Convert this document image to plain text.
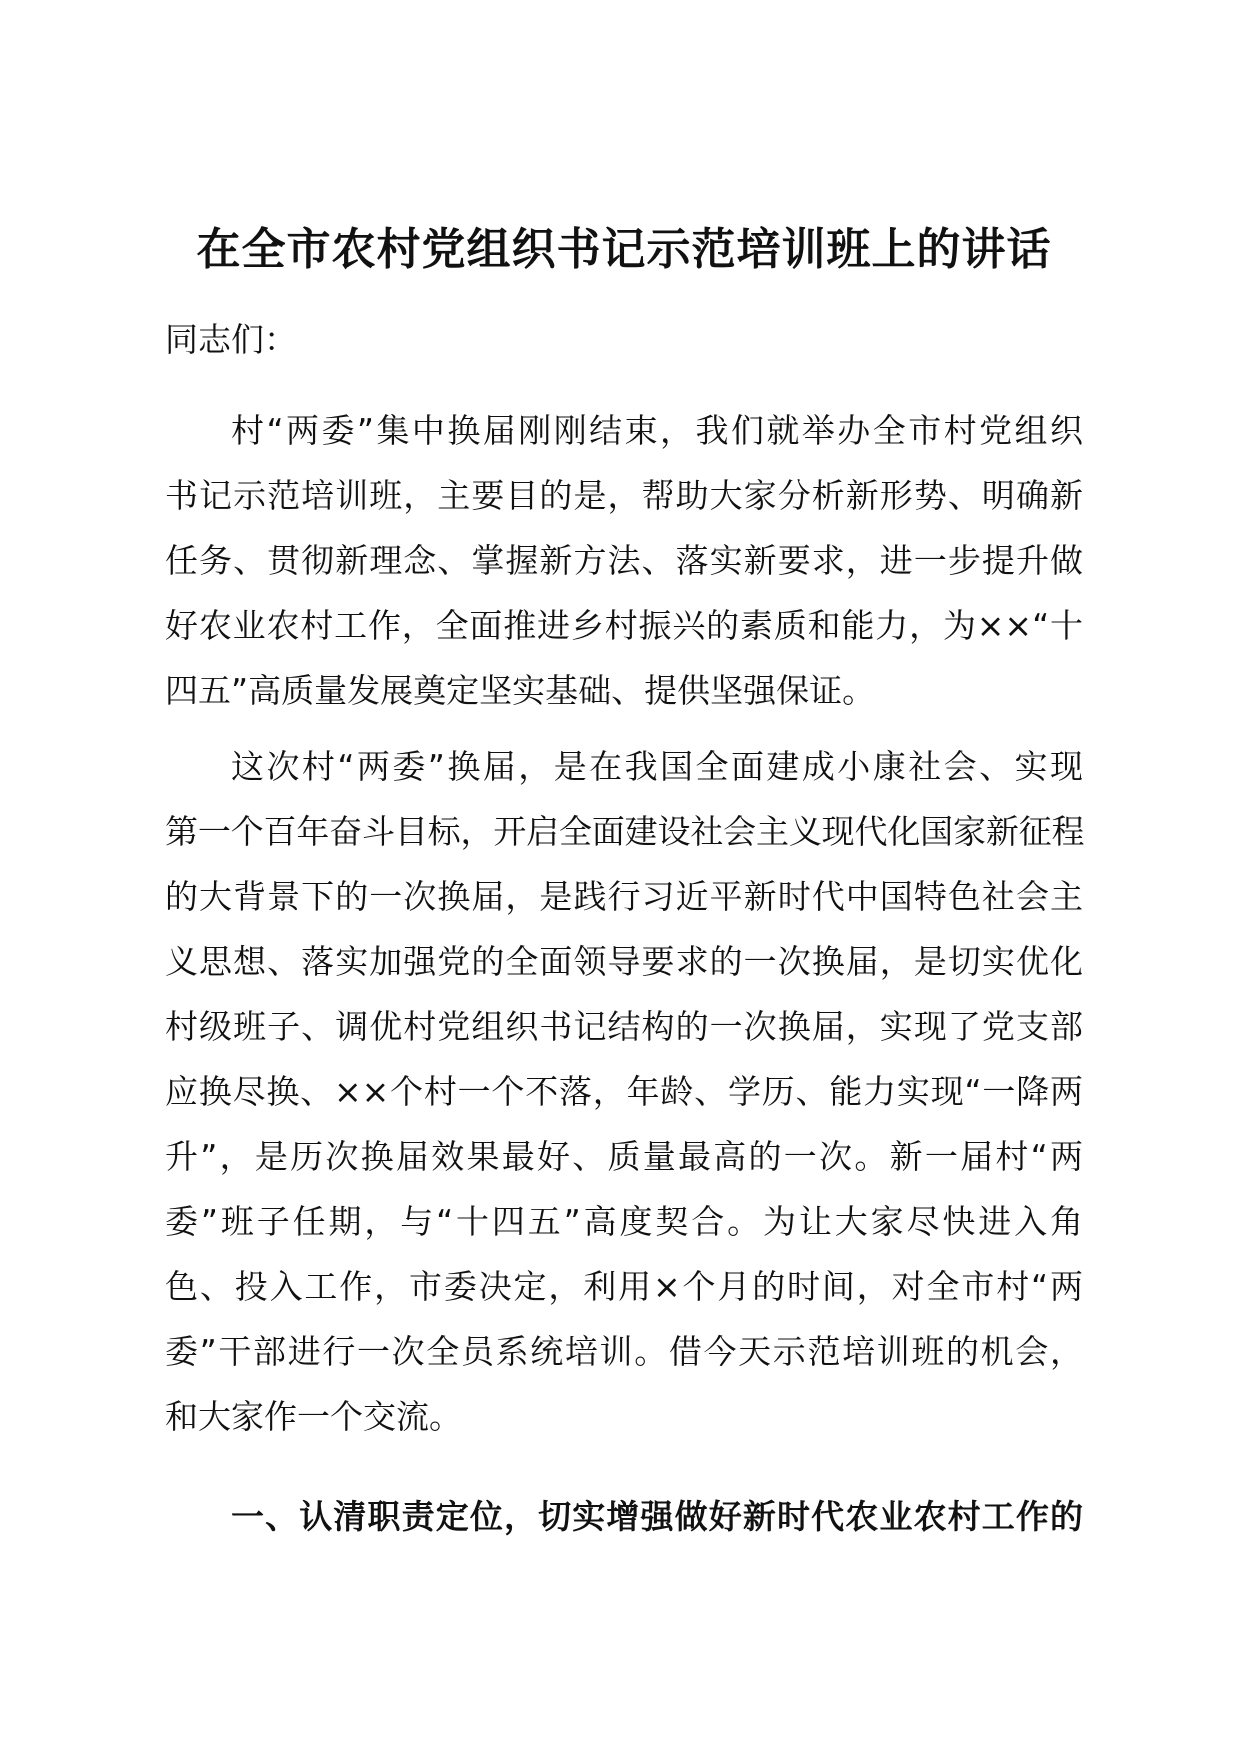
在全市农村党组织书记示范培训班上的讲话
同志们：
村“两委”集中换届刚刚结束，我们就举办全市村党组织
书记示范培训班，主要目的是，帮助大家分析新形势、明确新
任务、贯彻新理念、掌握新方法、落实新要求，进一步提升做
好农业农村工作，全面推进乡村振兴的素质和能力，为××“十
四五”高质量发展奠定坚实基础、提供坚强保证。
这次村“两委”换届，是在我国全面建成小康社会、实现
第一个百年奋斗目标，开启全面建设社会主义现代化国家新征程
的大背景下的一次换届，是践行习近平新时代中国特色社会主
义思想、落实加强党的全面领导要求的一次换届，是切实优化
村级班子、调优村党组织书记结构的一次换届，实现了党支部
应换尽换、××个村一个不落，年龄、学历、能力实现“一降两
升”，是历次换届效果最好、质量最高的一次。新一届村“两
委”班子任期，与“十四五”高度契合。为让大家尽快进入角
色、投入工作，市委决定，利用×个月的时间，对全市村“两
委”干部进行一次全员系统培训。借今天示范培训班的机会，
和大家作一个交流。
一、认清职责定位，切实增强做好新时代农业农村工作的
